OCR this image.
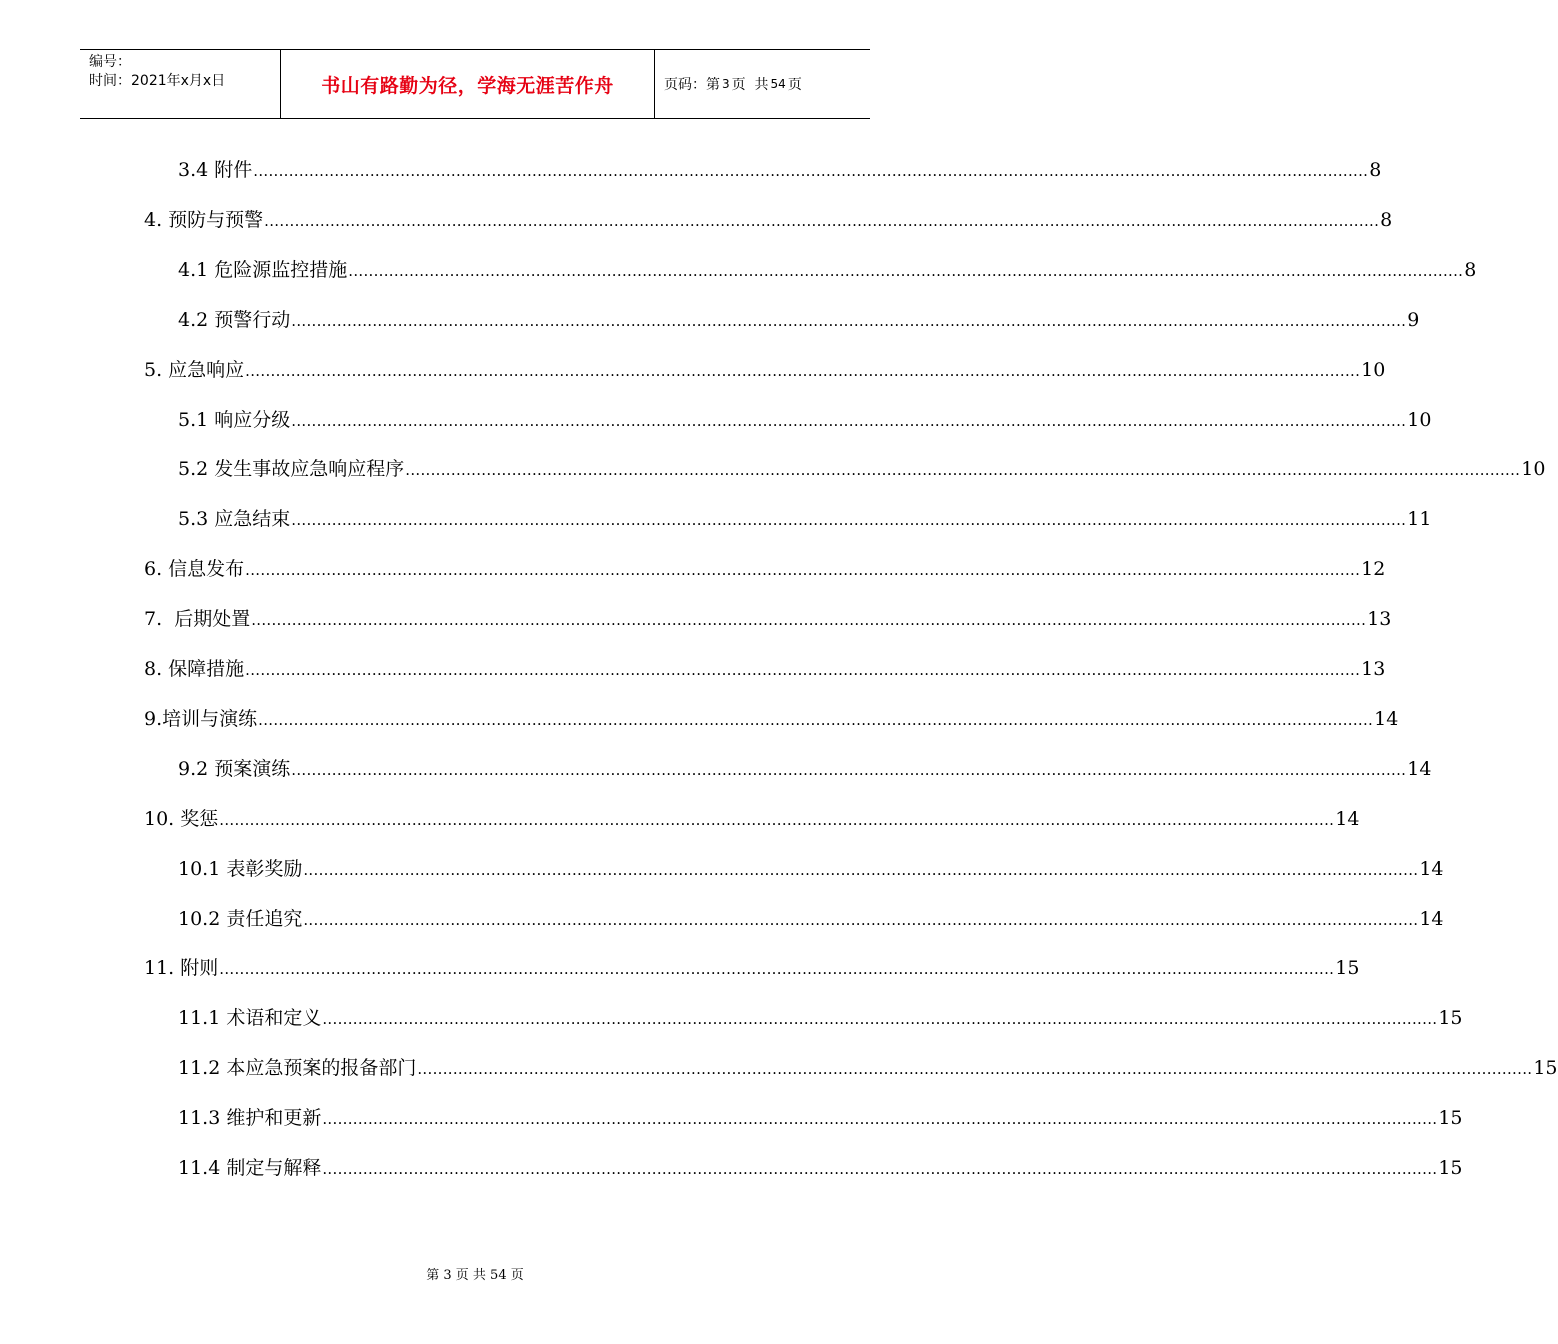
编号：
时间：2021年x月x日	书山有路勤为径，学海无涯苦作舟	页码：第 3 页  共 54 页
3.4 附件 ............................................................................................................................................................................................................................ 8
4. 预防与预警 ............................................................................................................................................................................................................................ 8
4.1 危险源监控措施 ............................................................................................................................................................................................................................ 8
4.2 预警行动 ............................................................................................................................................................................................................................ 9
5. 应急响应 ............................................................................................................................................................................................................................ 10
5.1 响应分级 ............................................................................................................................................................................................................................ 10
5.2 发生事故应急响应程序 ............................................................................................................................................................................................................................ 10
5.3 应急结束 ............................................................................................................................................................................................................................ 11
6. 信息发布 ............................................................................................................................................................................................................................ 12
7.  后期处置 ............................................................................................................................................................................................................................ 13
8. 保障措施 ............................................................................................................................................................................................................................ 13
9.培训与演练 ............................................................................................................................................................................................................................ 14
9.2 预案演练 ............................................................................................................................................................................................................................ 14
10. 奖惩 ............................................................................................................................................................................................................................ 14
10.1 表彰奖励 ............................................................................................................................................................................................................................ 14
10.2 责任追究 ............................................................................................................................................................................................................................ 14
11. 附则 ............................................................................................................................................................................................................................ 15
11.1 术语和定义 ............................................................................................................................................................................................................................ 15
11.2 本应急预案的报备部门 ............................................................................................................................................................................................................................ 15
11.3 维护和更新 ............................................................................................................................................................................................................................ 15
11.4 制定与解释 ............................................................................................................................................................................................................................ 15
第 3 页 共 54 页
